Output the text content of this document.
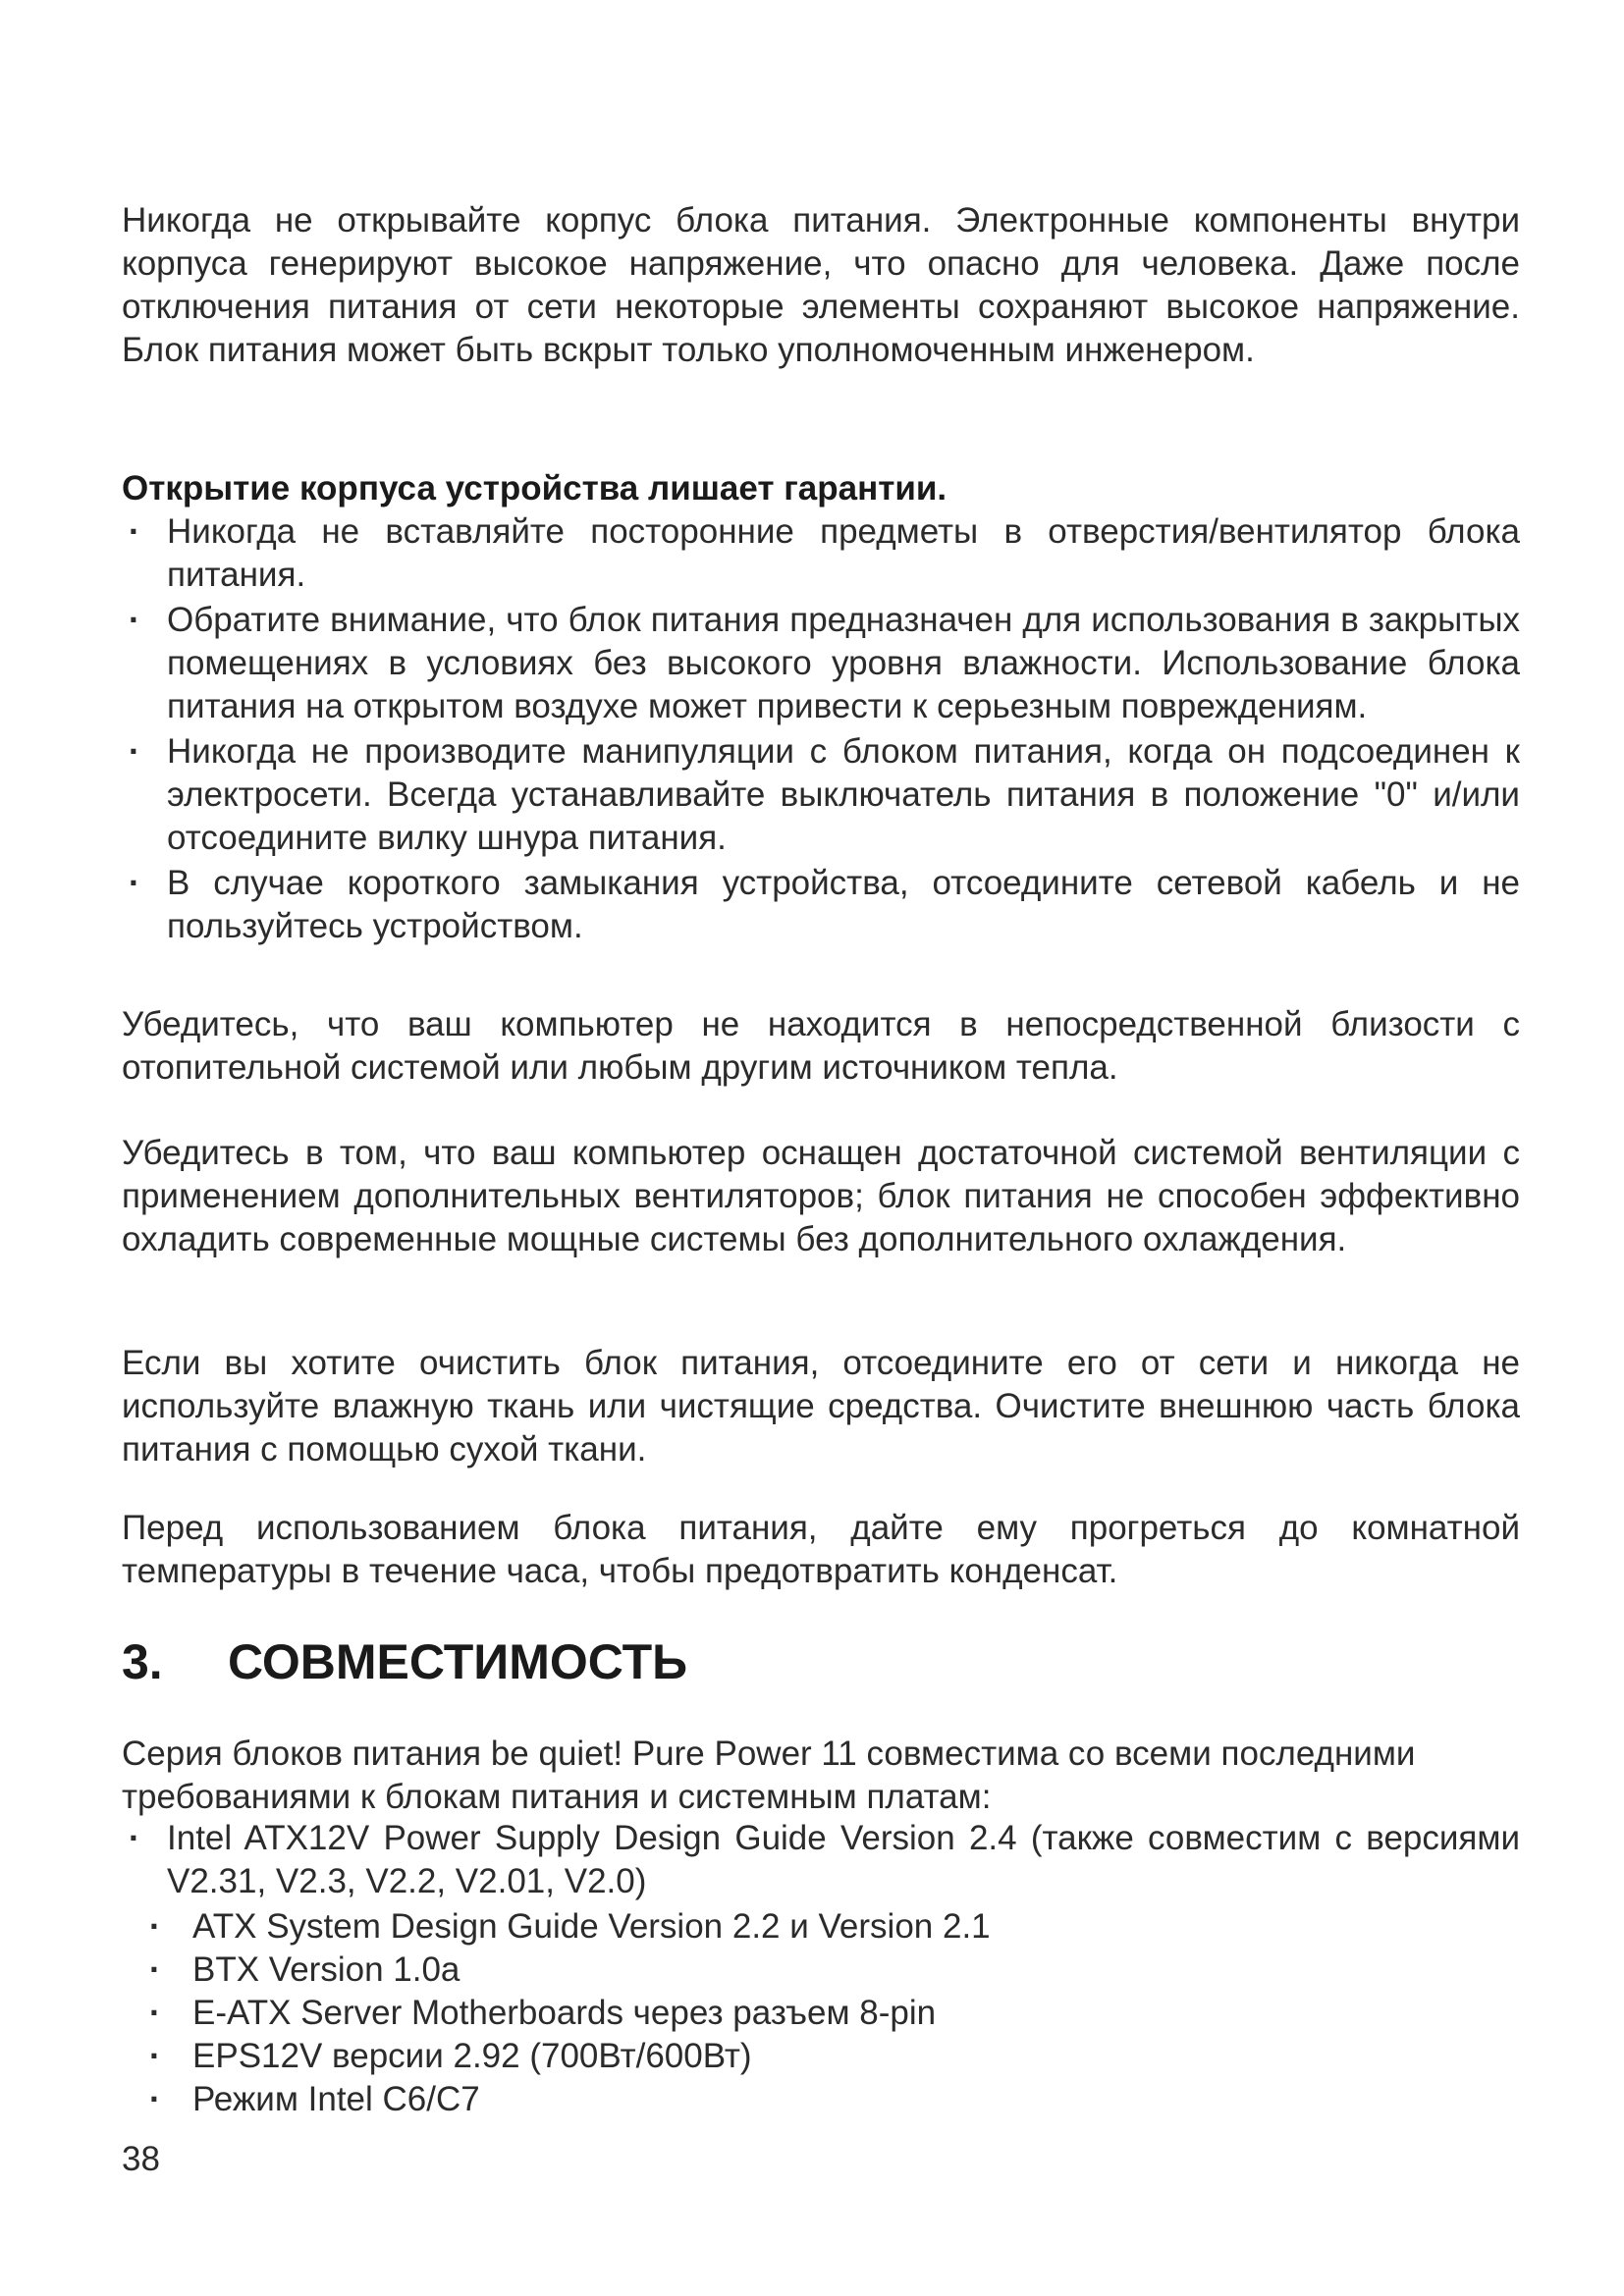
Никогда не открывайте корпус блока питания. Электронные компоненты внутри корпуса генерируют высокое напряжение, что опасно для человека. Даже после отключения питания от сети некоторые элементы сохраняют высокое напряжение. Блок питания может быть вскрыт только уполномоченным инженером.

Открытие корпуса устройства лишает гарантии.

· Никогда не вставляйте посторонние предметы в отверстия/вентилятор блока питания.
· Обратите внимание, что блок питания предназначен для использования в закрытых помещениях в условиях без высокого уровня влажности. Использование блока питания на открытом воздухе может привести к серьезным повреждениям.
· Никогда не производите манипуляции с блоком питания, когда он подсоединен к электросети. Всегда устанавливайте выключатель питания в положение "0" и/или отсоедините вилку шнура питания.
· В случае короткого замыкания устройства, отсоедините сетевой кабель и не пользуйтесь устройством.

Убедитесь, что ваш компьютер не находится в непосредственной близости с отопительной системой или любым другим источником тепла.

Убедитесь в том, что ваш компьютер оснащен достаточной системой вентиляции с применением дополнительных вентиляторов; блок питания не способен эффективно охладить современные мощные системы без дополнительного охлаждения.

Если вы хотите очистить блок питания, отсоедините его от сети и никогда не используйте влажную ткань или чистящие средства. Очистите внешнюю часть блока питания с помощью сухой ткани.

Перед использованием блока питания, дайте ему прогреться до комнатной температуры в течение часа, чтобы предотвратить конденсат.

3.	СОВМЕСТИМОСТЬ

Серия блоков питания be quiet! Pure Power 11 совместима со всеми последними требованиями к блокам питания и системным платам:

· Intel ATX12V Power Supply Design Guide Version 2.4 (также совместим с версиями V2.31, V2.3, V2.2, V2.01, V2.0)
· ATX System Design Guide Version 2.2 и Version 2.1
· BTX Version 1.0a
· E-ATX Server Motherboards через разъем 8-pin
· EPS12V версии 2.92 (700Вт/600Вт)
· Режим Intel C6/C7
38
